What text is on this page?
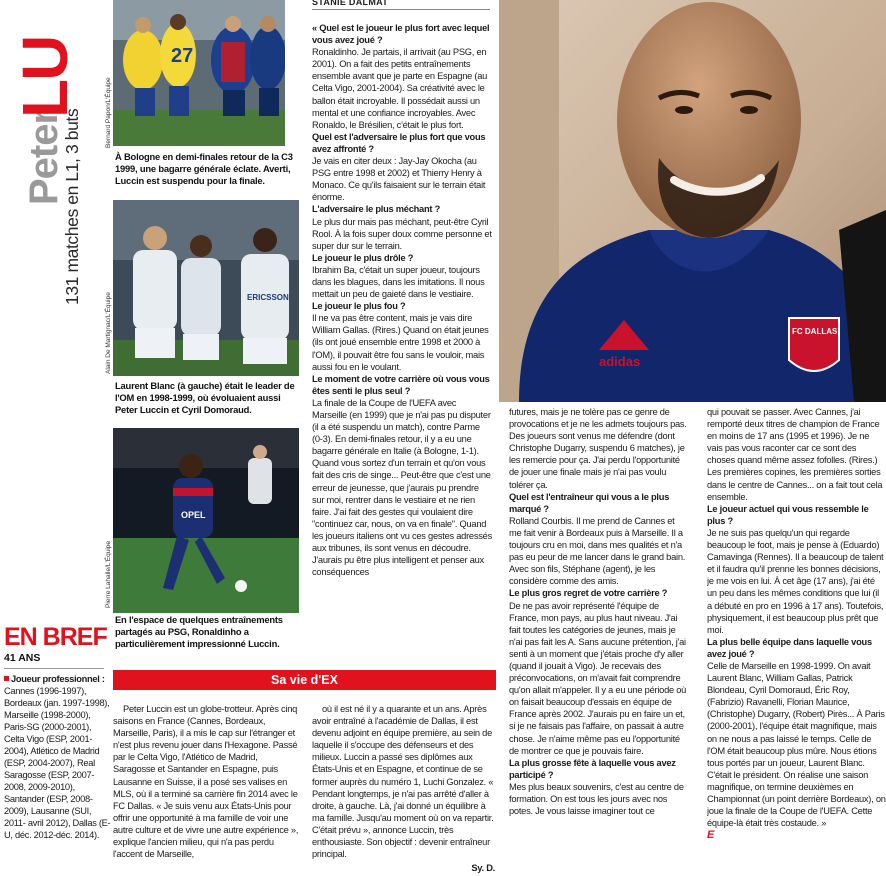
Peter
LU
131 matches en L1, 3 buts
27
Bernard Papon/L'Équipe
À Bologne en demi-finales retour de la C3 1999, une bagarre générale éclate. Averti, Luccin est suspendu pour la finale.
ERICSSON
Alain De Martignac/L'Équipe
Laurent Blanc (à gauche) était le leader de l'OM en 1998-1999, où évoluaient aussi Peter Luccin et Cyril Domoraud.
OPEL
Pierre Lahalle/L'Équipe
En l'espace de quelques entraînements partagés au PSG, Ronaldinho a particulièrement impressionné Luccin.
EN BREF
41 ANS
Joueur professionnel : Cannes (1996-1997), Bordeaux (jan. 1997-1998), Marseille (1998-2000), Paris-SG (2000-2001), Celta Vigo (ESP, 2001-2004), Atlético de Madrid (ESP, 2004-2007), Real Saragosse (ESP, 2007-2008, 2009-2010), Santander (ESP, 2008-2009), Lausanne (SUI, 2011- avril 2012), Dallas (E-U, déc. 2012-déc. 2014).
STANIE DALMAT
adidas
FC DALLAS

« Quel est le joueur le plus fort avec lequel vous avez joué ?

Ronaldinho. Je partais, il arrivait (au PSG, en 2001). On a fait des petits entraînements ensemble avant que je parte en Espagne (au Celta Vigo, 2001-2004). Sa créativité avec le ballon était incroyable. Il possédait aussi un mental et une confiance incroyables. Avec Ronaldo, le Brésilien, c'était le plus fort.

Quel est l'adversaire le plus fort que vous avez affronté ?

Je vais en citer deux : Jay-Jay Okocha (au PSG entre 1998 et 2002) et Thierry Henry à Monaco. Ce qu'ils faisaient sur le terrain était énorme.

L'adversaire le plus méchant ?

Le plus dur mais pas méchant, peut-être Cyril Rool. À la fois super doux comme personne et super dur sur le terrain.

Le joueur le plus drôle ?

Ibrahim Ba, c'était un super joueur, toujours dans les blagues, dans les imitations. Il nous mettait un peu de gaieté dans le vestiaire.

Le joueur le plus fou ?

Il ne va pas être content, mais je vais dire William Gallas. (Rires.) Quand on était jeunes (ils ont joué ensemble entre 1998 et 2000 à l'OM), il pouvait être fou sans le vouloir, mais aussi fou en le voulant.

Le moment de votre carrière où vous vous êtes senti le plus seul ?

La finale de la Coupe de l'UEFA avec Marseille (en 1999) que je n'ai pas pu disputer (il a été suspendu un match), contre Parme (0-3). En demi-finales retour, il y a eu une bagarre générale en Italie (à Bologne, 1-1). Quand vous sortez d'un terrain et qu'on vous fait des cris de singe... Peut-être que c'est une erreur de jeunesse, que j'aurais pu prendre sur moi, rentrer dans le vestiaire et ne rien faire. J'ai fait des gestes qui voulaient dire "continuez car, nous, on va en finale". Quand les joueurs italiens ont vu ces gestes adressés aux tribunes, ils sont venus en découdre. J'aurais pu être plus intelligent et penser aux conséquences

futures, mais je ne tolère pas ce genre de provocations et je ne les admets toujours pas. Des joueurs sont venus me défendre (dont Christophe Dugarry, suspendu 6 matches), je les remercie pour ça. J'ai perdu l'opportunité de jouer une finale mais je n'ai pas voulu tolérer ça.

Quel est l'entraîneur qui vous a le plus marqué ?

Rolland Courbis. Il me prend de Cannes et me fait venir à Bordeaux puis à Marseille. Il a toujours cru en moi, dans mes qualités et n'a pas eu peur de me lancer dans le grand bain. Avec son fils, Stéphane (agent), je les considère comme des amis.

Le plus gros regret de votre carrière ?

De ne pas avoir représenté l'équipe de France, mon pays, au plus haut niveau. J'ai fait toutes les catégories de jeunes, mais je n'ai pas fait les A. Sans aucune prétention, j'ai senti à un moment que j'étais proche d'y aller (quand il jouait à Vigo). Je recevais des préconvocations, on m'avait fait comprendre qu'on allait m'appeler. Il y a eu une période où on faisait beaucoup d'essais en équipe de France après 2002. J'aurais pu en faire un et, si je ne faisais pas l'affaire, on passait à autre chose. Je n'aime même pas eu l'opportunité de montrer ce que je pouvais faire.

La plus grosse fête à laquelle vous avez participé ?

Mes plus beaux souvenirs, c'est au centre de formation. On est tous les jours avec nos potes. Je vous laisse imaginer tout ce

qui pouvait se passer. Avec Cannes, j'ai remporté deux titres de champion de France en moins de 17 ans (1995 et 1996). Je ne vais pas vous raconter car ce sont des choses quand même assez fofolles. (Rires.) Les premières copines, les premières sorties dans le centre de Cannes... on a fait tout cela ensemble.

Le joueur actuel qui vous ressemble le plus ?

Je ne suis pas quelqu'un qui regarde beaucoup le foot, mais je pense à (Eduardo) Camavinga (Rennes). Il a beaucoup de talent et il faudra qu'il prenne les bonnes décisions, je me vois en lui. À cet âge (17 ans), j'ai été un peu dans les mêmes conditions que lui (il a débuté en pro en 1996 à 17 ans). Toutefois, physiquement, il est beaucoup plus prêt que moi.

La plus belle équipe dans laquelle vous avez joué ?

Celle de Marseille en 1998-1999. On avait Laurent Blanc, William Gallas, Patrick Blondeau, Cyril Domoraud, Éric Roy, (Fabrizio) Ravanelli, Florian Maurice, (Christophe) Dugarry, (Robert) Pirès... À Paris (2000-2001), l'équipe était magnifique, mais on ne nous a pas laissé le temps. Celle de l'OM était beaucoup plus mûre. Nous étions tous portés par un joueur, Laurent Blanc. C'était le président. On réalise une saison magnifique, on termine deuxièmes en Championnat (un point derrière Bordeaux), on joue la finale de la Coupe de l'UEFA. Cette équipe-là était très costaude. »

E
Sa vie d'EX

Peter Luccin est un globe-trotteur. Après cinq saisons en France (Cannes, Bordeaux, Marseille, Paris), il a mis le cap sur l'étranger et n'est plus revenu jouer dans l'Hexagone. Passé par le Celta Vigo, l'Atlético de Madrid, Saragosse et Santander en Espagne, puis Lausanne en Suisse, il a posé ses valises en MLS, où il a terminé sa carrière fin 2014 avec le FC Dallas. « Je suis venu aux États-Unis pour offrir une opportunité à ma famille de voir une autre culture et de vivre une autre expérience », explique l'ancien milieu, qui n'a pas perdu l'accent de Marseille,

où il est né il y a quarante et un ans. Après avoir entraîné à l'académie de Dallas, il est devenu adjoint en équipe première, au sein de laquelle il s'occupe des défenseurs et des milieux. Luccin a passé ses diplômes aux États-Unis et en Espagne, et continue de se former auprès du numéro 1, Luchi Gonzalez. « Pendant longtemps, je n'ai pas arrêté d'aller à droite, à gauche. Là, j'ai donné un équilibre à ma famille. Jusqu'au moment où on va repartir. C'était prévu », annonce Luccin, très enthousiaste. Son objectif : devenir entraîneur principal.

Sy. D.
